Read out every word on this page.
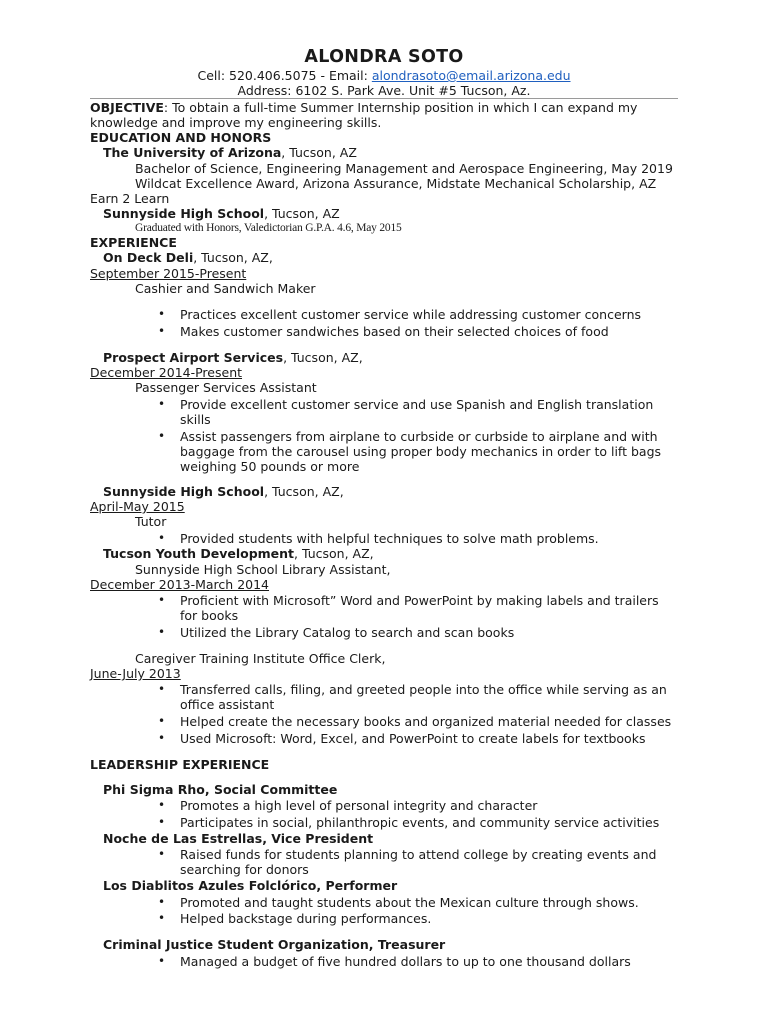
ALONDRA SOTO
Cell: 520.406.5075 - Email: alondrasoto@email.arizona.edu
Address: 6102 S. Park Ave. Unit #5 Tucson, Az.
OBJECTIVE: To obtain a full-time Summer Internship position in which I can expand my
knowledge and improve my engineering skills.
EDUCATION AND HONORS
The University of Arizona, Tucson, AZ
Bachelor of Science, Engineering Management and Aerospace Engineering, May 2019
Wildcat Excellence Award, Arizona Assurance, Midstate Mechanical Scholarship, AZ
Earn 2 Learn
Sunnyside High School, Tucson, AZ
Graduated with Honors, Valedictorian G.P.A. 4.6, May 2015
EXPERIENCE
On Deck Deli, Tucson, AZ,
September 2015-Present
Cashier and Sandwich Maker
• Practices excellent customer service while addressing customer concerns
• Makes customer sandwiches based on their selected choices of food
Prospect Airport Services, Tucson, AZ,
December 2014-Present
Passenger Services Assistant
• Provide excellent customer service and use Spanish and English translation
skills
• Assist passengers from airplane to curbside or curbside to airplane and with
baggage from the carousel using proper body mechanics in order to lift bags
weighing 50 pounds or more
Sunnyside High School, Tucson, AZ,
April-May 2015
Tutor
• Provided students with helpful techniques to solve math problems.
Tucson Youth Development, Tucson, AZ,
Sunnyside High School Library Assistant,
December 2013-March 2014
• Proficient with Microsoft” Word and PowerPoint by making labels and trailers
for books
• Utilized the Library Catalog to search and scan books
Caregiver Training Institute Office Clerk,
June-July 2013
• Transferred calls, filing, and greeted people into the office while serving as an
office assistant
• Helped create the necessary books and organized material needed for classes
• Used Microsoft: Word, Excel, and PowerPoint to create labels for textbooks
LEADERSHIP EXPERIENCE
Phi Sigma Rho, Social Committee
• Promotes a high level of personal integrity and character
• Participates in social, philanthropic events, and community service activities
Noche de Las Estrellas, Vice President
• Raised funds for students planning to attend college by creating events and
searching for donors
Los Diablitos Azules Folclórico, Performer
• Promoted and taught students about the Mexican culture through shows.
• Helped backstage during performances.
Criminal Justice Student Organization, Treasurer
• Managed a budget of five hundred dollars to up to one thousand dollars
